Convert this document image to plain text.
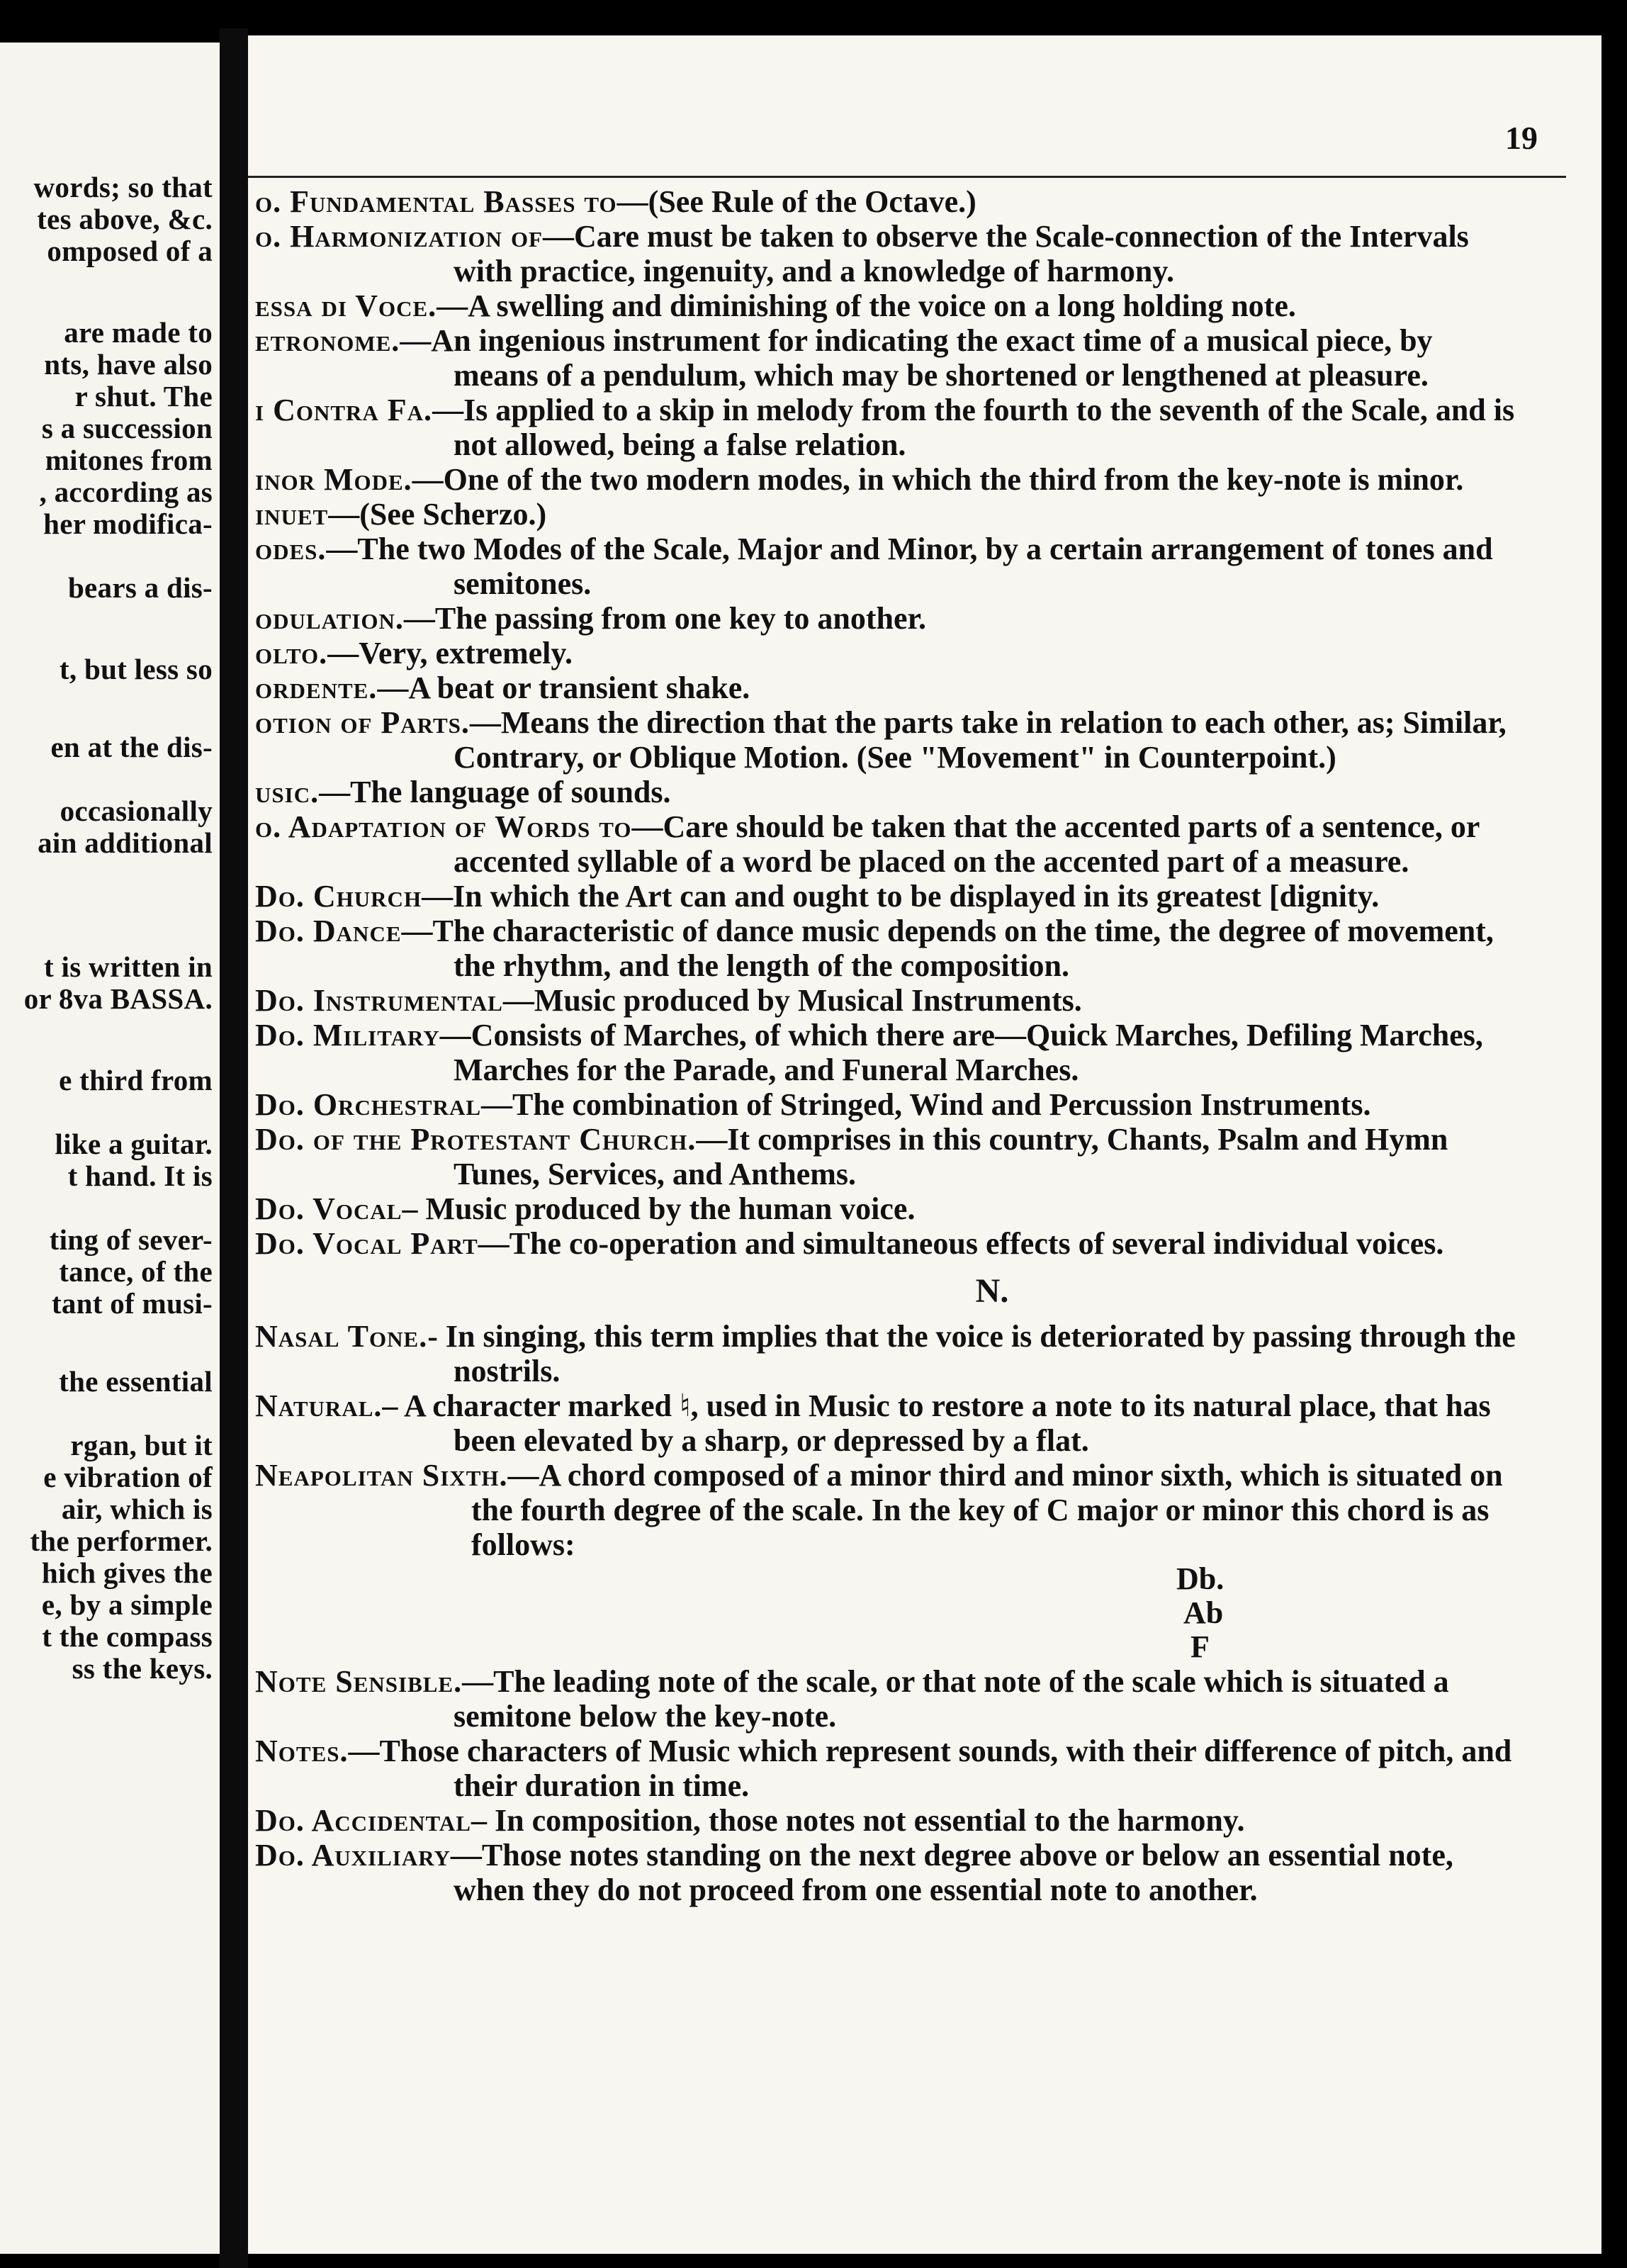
words; so that
tes above, &c.
omposed of a
are made to
nts, have also
r shut. The
s a succession
mitones from
, according as
her modifica-
bears a dis-
t, but less so
en at the dis-
occasionally
ain additional
t is written in
or 8va BASSA.
e third from
like a guitar.
t hand. It is
ting of sever-
tance, of the
tant of musi-
the essential
rgan, but it
e vibration of
air, which is
the performer.
hich gives the
e, by a simple
t the compass
ss the keys.
19
o. Fundamental Basses to—(See Rule of the Octave.)
o. Harmonization of—Care must be taken to observe the Scale-connection of the Intervals with practice, ingenuity, and a knowledge of harmony.
essa di Voce.—A swelling and diminishing of the voice on a long holding note.
etronome.—An ingenious instrument for indicating the exact time of a musical piece, by means of a pendulum, which may be shortened or lengthened at pleasure.
i Contra Fa.—Is applied to a skip in melody from the fourth to the seventh of the Scale, and is not allowed, being a false relation.
inor Mode.—One of the two modern modes, in which the third from the key-note is minor.
inuet—(See Scherzo.)
odes.—The two Modes of the Scale, Major and Minor, by a certain arrangement of tones and semitones.
odulation.—The passing from one key to another.
olto.—Very, extremely.
ordente.—A beat or transient shake.
otion of Parts.—Means the direction that the parts take in relation to each other, as; Similar, Contrary, or Oblique Motion. (See "Movement" in Counterpoint.)
usic.—The language of sounds.
o. Adaptation of Words to—Care should be taken that the accented parts of a sentence, or accented syllable of a word be placed on the accented part of a measure.
Do. Church—In which the Art can and ought to be displayed in its greatest [dignity.
Do. Dance—The characteristic of dance music depends on the time, the degree of movement, the rhythm, and the length of the composition.
Do. Instrumental—Music produced by Musical Instruments.
Do. Military—Consists of Marches, of which there are—Quick Marches, Defiling Marches, Marches for the Parade, and Funeral Marches.
Do. Orchestral—The combination of Stringed, Wind and Percussion Instruments.
Do. of the Protestant Church.—It comprises in this country, Chants, Psalm and Hymn Tunes, Services, and Anthems.
Do. Vocal– Music produced by the human voice.
Do. Vocal Part—The co-operation and simultaneous effects of several individual voices.
N.
Nasal Tone.- In singing, this term implies that the voice is deteriorated by passing through the nostrils.
Natural.– A character marked ♮, used in Music to restore a note to its natural place, that has been elevated by a sharp, or depressed by a flat.
Neapolitan Sixth.—A chord composed of a minor third and minor sixth, which is situated on the fourth degree of the scale. In the key of C major or minor this chord is as follows:
Db.
Ab
F
Note Sensible.—The leading note of the scale, or that note of the scale which is situated a semitone below the key-note.
Notes.—Those characters of Music which represent sounds, with their difference of pitch, and their duration in time.
Do. Accidental– In composition, those notes not essential to the harmony.
Do. Auxiliary—Those notes standing on the next degree above or below an essential note, when they do not proceed from one essential note to another.
